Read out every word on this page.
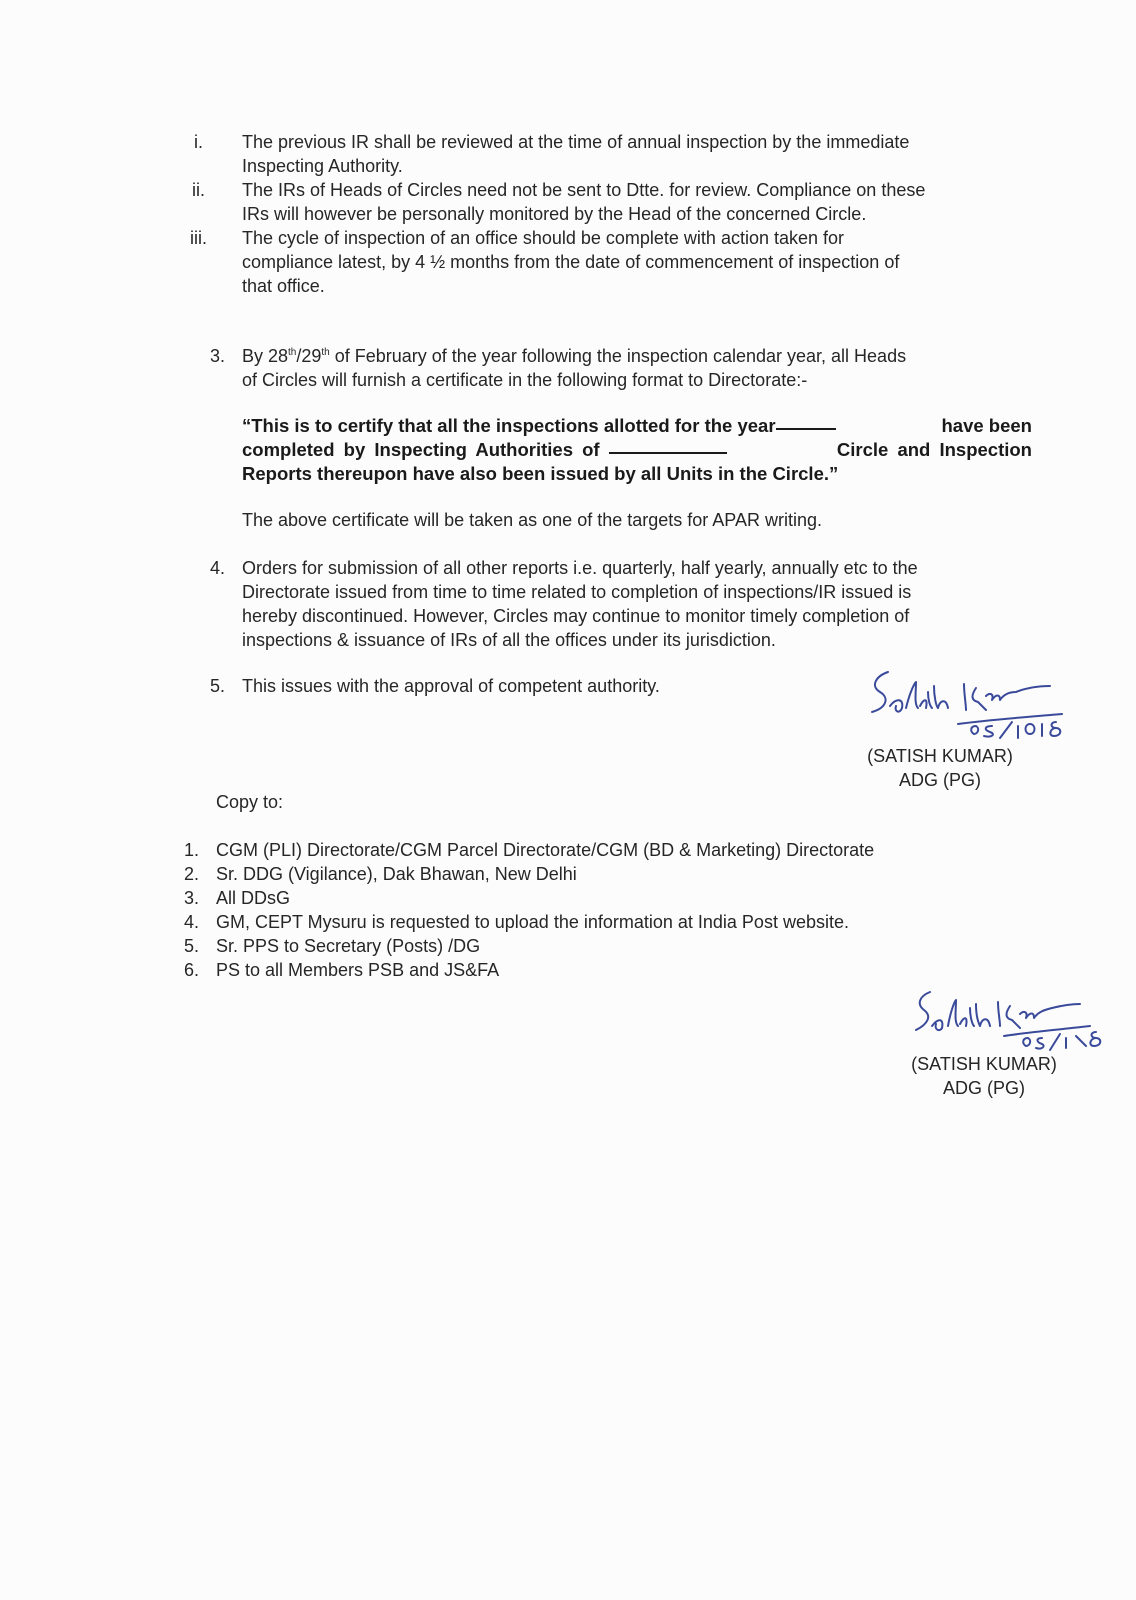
i. The previous IR shall be reviewed at the time of annual inspection by the immediate
Inspecting Authority.
ii. The IRs of Heads of Circles need not be sent to Dtte. for review. Compliance on these
IRs will however be personally monitored by the Head of the concerned Circle.
iii. The cycle of inspection of an office should be complete with action taken for
compliance latest, by 4 ½ months from the date of commencement of inspection of
that office.
3. By 28th/29th of February of the year following the inspection calendar year, all Heads
of Circles will furnish a certificate in the following format to Directorate:-
“This is to certify that all the inspections allotted for the year	have been
completed by Inspecting Authorities of	Circle and Inspection
Reports thereupon have also been issued by all Units in the Circle.”
The above certificate will be taken as one of the targets for APAR writing.
4. Orders for submission of all other reports i.e. quarterly, half yearly, annually etc to the
Directorate issued from time to time related to completion of inspections/IR issued is
hereby discontinued. However, Circles may continue to monitor timely completion of
inspections & issuance of IRs of all the offices under its jurisdiction.
5. This issues with the approval of competent authority.
(SATISH KUMAR)
ADG (PG)
Copy to:
1. CGM (PLI) Directorate/CGM Parcel Directorate/CGM (BD & Marketing) Directorate
2. Sr. DDG (Vigilance), Dak Bhawan, New Delhi
3. All DDsG
4. GM, CEPT Mysuru is requested to upload the information at India Post website.
5. Sr. PPS to Secretary (Posts) /DG
6. PS to all Members PSB and JS&FA
(SATISH KUMAR)
ADG (PG)
